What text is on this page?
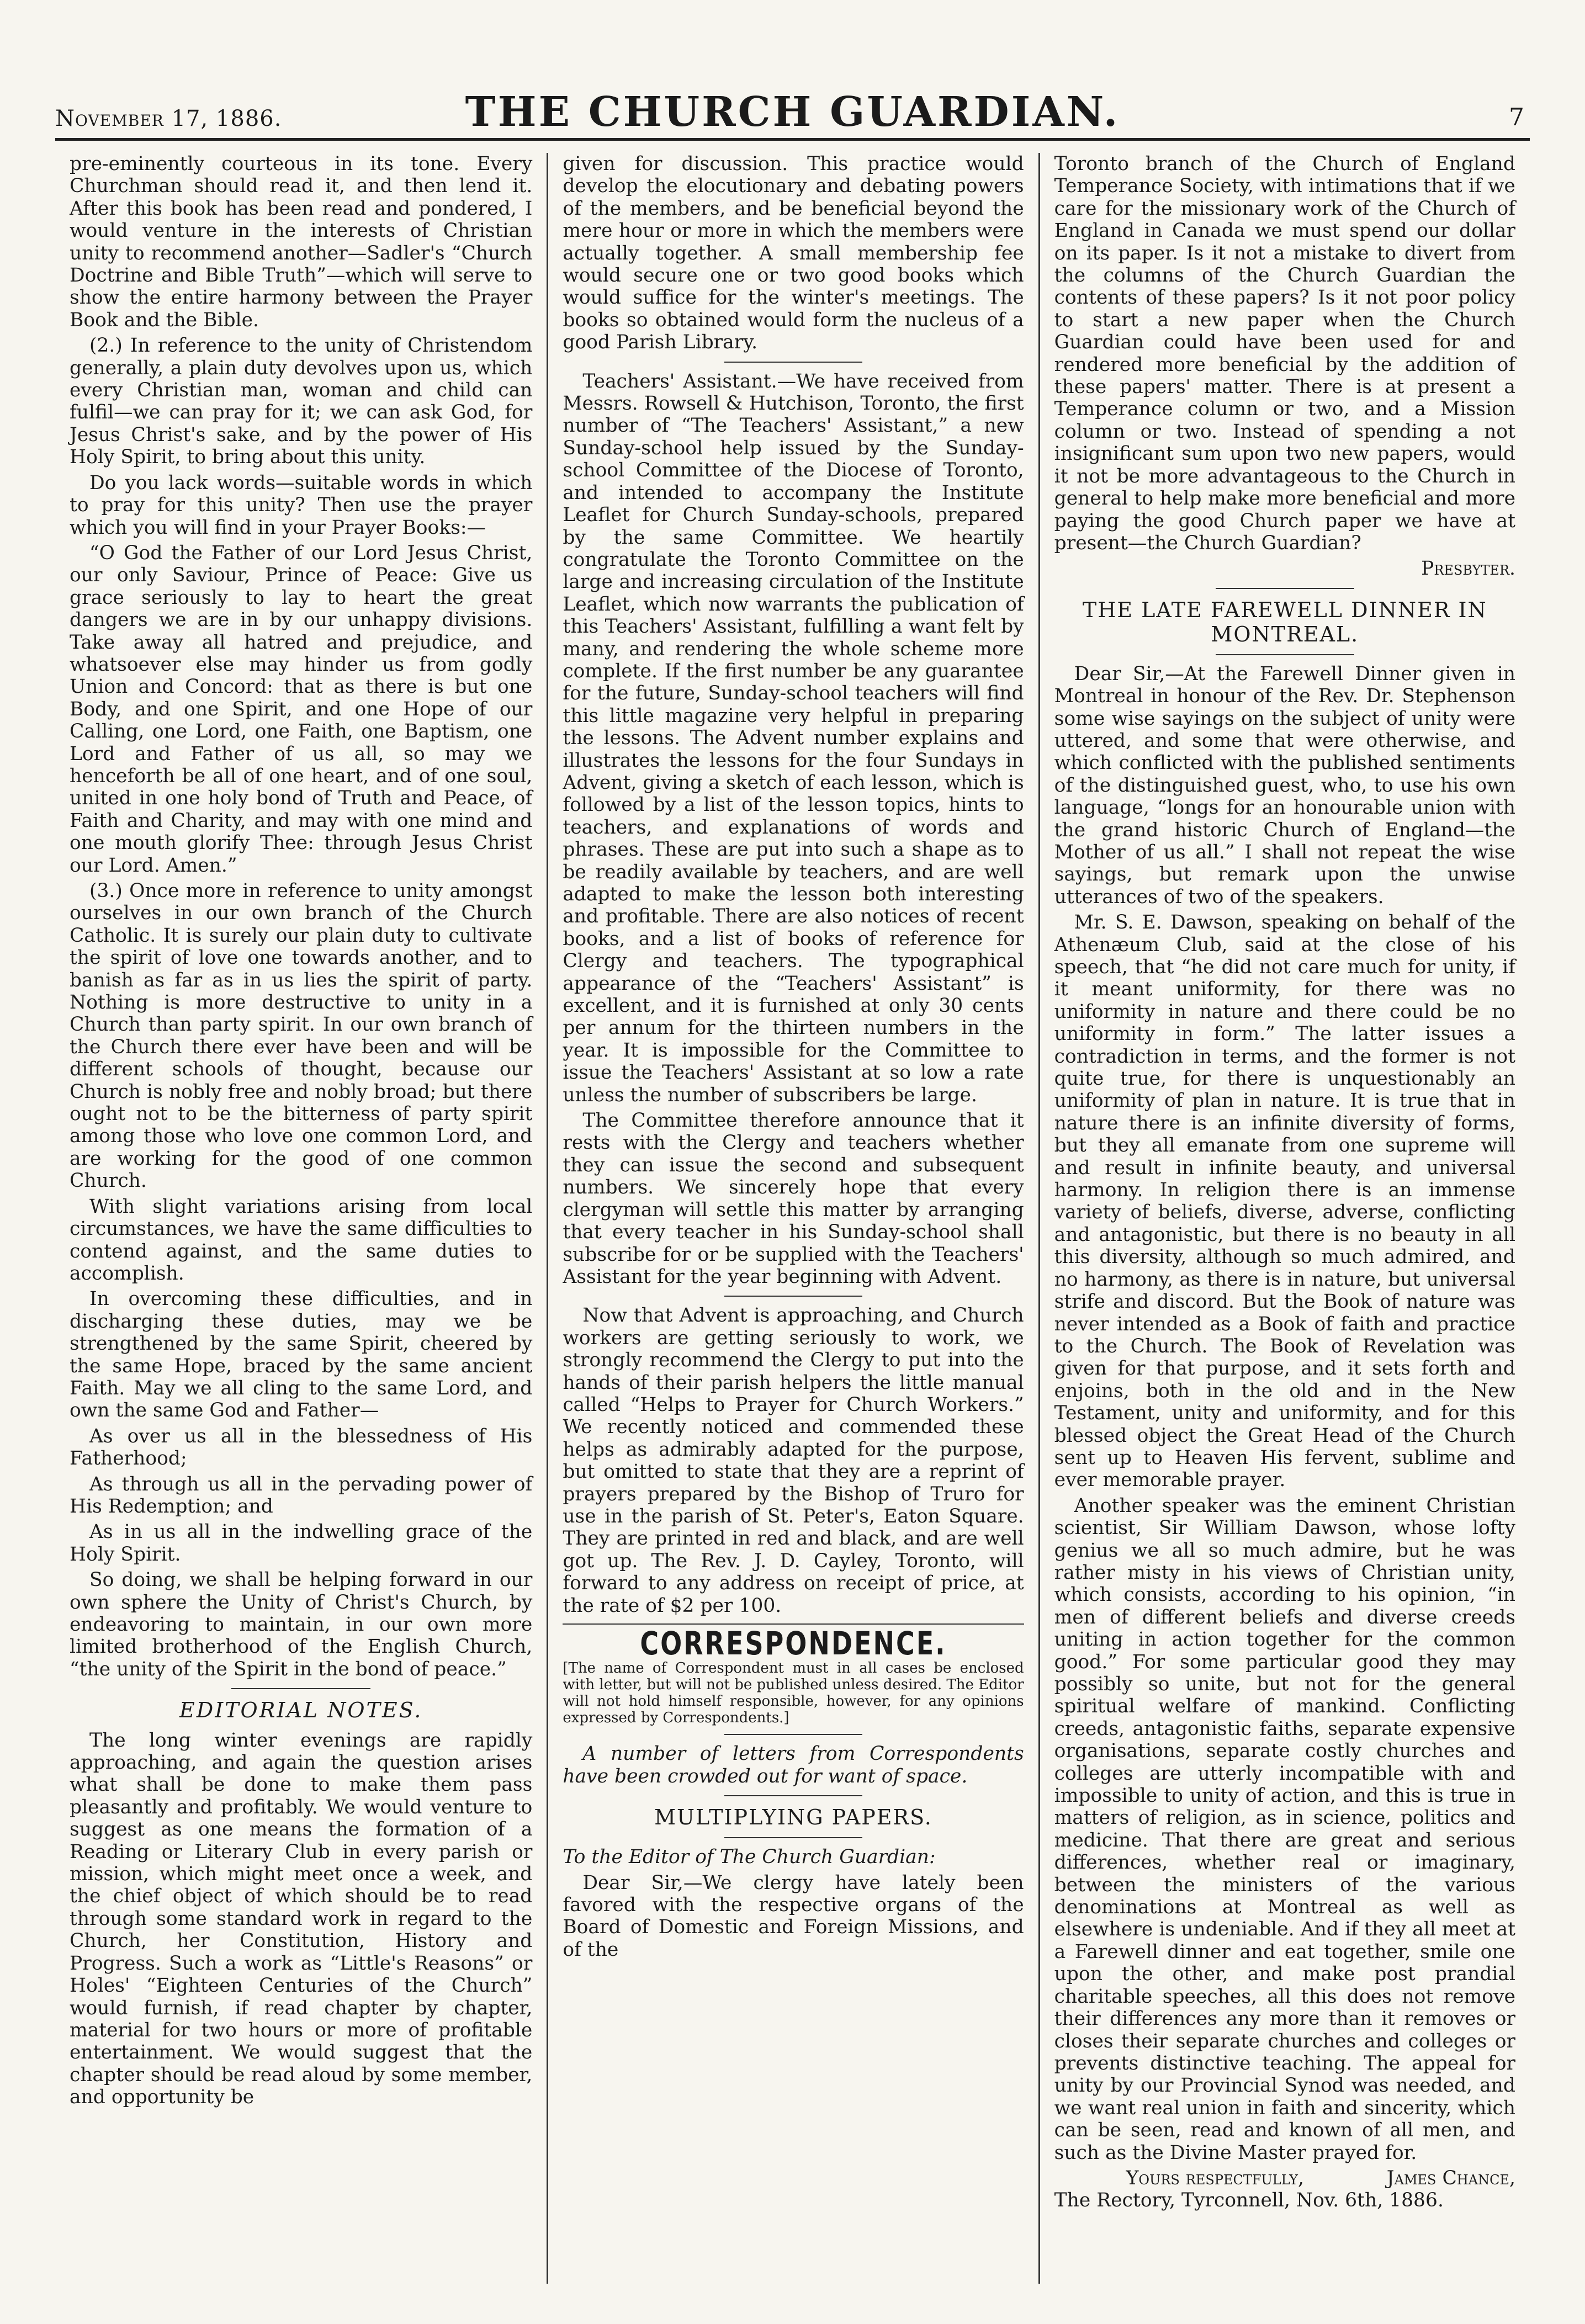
November 17, 1886.	THE CHURCH GUARDIAN.	7

pre-eminently courteous in its tone. Every Churchman should read it, and then lend it. After this book has been read and pondered, I would venture in the interests of Christian unity to recommend another—Sadler's “Church Doctrine and Bible Truth”—which will serve to show the entire harmony between the Prayer Book and the Bible.

(2.) In reference to the unity of Christendom generally, a plain duty devolves upon us, which every Christian man, woman and child can fulfil—we can pray for it; we can ask God, for Jesus Christ's sake, and by the power of His Holy Spirit, to bring about this unity.

Do you lack words—suitable words in which to pray for this unity? Then use the prayer which you will find in your Prayer Books:—

“O God the Father of our Lord Jesus Christ, our only Saviour, Prince of Peace: Give us grace seriously to lay to heart the great dangers we are in by our unhappy divisions. Take away all hatred and prejudice, and whatsoever else may hinder us from godly Union and Concord: that as there is but one Body, and one Spirit, and one Hope of our Calling, one Lord, one Faith, one Baptism, one Lord and Father of us all, so may we henceforth be all of one heart, and of one soul, united in one holy bond of Truth and Peace, of Faith and Charity, and may with one mind and one mouth glorify Thee: through Jesus Christ our Lord. Amen.”

(3.) Once more in reference to unity amongst ourselves in our own branch of the Church Catholic. It is surely our plain duty to cultivate the spirit of love one towards another, and to banish as far as in us lies the spirit of party. Nothing is more destructive to unity in a Church than party spirit. In our own branch of the Church there ever have been and will be different schools of thought, because our Church is nobly free and nobly broad; but there ought not to be the bitterness of party spirit among those who love one common Lord, and are working for the good of one common Church.

With slight variations arising from local circumstances, we have the same difficulties to contend against, and the same duties to accomplish.

In overcoming these difficulties, and in discharging these duties, may we be strengthened by the same Spirit, cheered by the same Hope, braced by the same ancient Faith. May we all cling to the same Lord, and own the same God and Father—

As over us all in the blessedness of His Fatherhood;

As through us all in the pervading power of His Redemption; and

As in us all in the indwelling grace of the Holy Spirit.

So doing, we shall be helping forward in our own sphere the Unity of Christ's Church, by endeavoring to maintain, in our own more limited brotherhood of the English Church, “the unity of the Spirit in the bond of peace.”

EDITORIAL NOTES.

The long winter evenings are rapidly approaching, and again the question arises what shall be done to make them pass pleasantly and profitably. We would venture to suggest as one means the formation of a Reading or Literary Club in every parish or mission, which might meet once a week, and the chief object of which should be to read through some standard work in regard to the Church, her Constitution, History and Progress. Such a work as “Little's Reasons” or Holes' “Eighteen Centuries of the Church” would furnish, if read chapter by chapter, material for two hours or more of profitable entertainment. We would suggest that the chapter should be read aloud by some member, and opportunity be

given for discussion. This practice would develop the elocutionary and debating powers of the members, and be beneficial beyond the mere hour or more in which the members were actually together. A small membership fee would secure one or two good books which would suffice for the winter's meetings. The books so obtained would form the nucleus of a good Parish Library.

Teachers' Assistant.—We have received from Messrs. Rowsell & Hutchison, Toronto, the first number of “The Teachers' Assistant,” a new Sunday-school help issued by the Sunday-school Committee of the Diocese of Toronto, and intended to accompany the Institute Leaflet for Church Sunday-schools, prepared by the same Committee. We heartily congratulate the Toronto Committee on the large and increasing circulation of the Institute Leaflet, which now warrants the publication of this Teachers' Assistant, fulfilling a want felt by many, and rendering the whole scheme more complete. If the first number be any guarantee for the future, Sunday-school teachers will find this little magazine very helpful in preparing the lessons. The Advent number explains and illustrates the lessons for the four Sundays in Advent, giving a sketch of each lesson, which is followed by a list of the lesson topics, hints to teachers, and explanations of words and phrases. These are put into such a shape as to be readily available by teachers, and are well adapted to make the lesson both interesting and profitable. There are also notices of recent books, and a list of books of reference for Clergy and teachers. The typographical appearance of the “Teachers' Assistant” is excellent, and it is furnished at only 30 cents per annum for the thirteen numbers in the year. It is impossible for the Committee to issue the Teachers' Assistant at so low a rate unless the number of subscribers be large.

The Committee therefore announce that it rests with the Clergy and teachers whether they can issue the second and subsequent numbers. We sincerely hope that every clergyman will settle this matter by arranging that every teacher in his Sunday-school shall subscribe for or be supplied with the Teachers' Assistant for the year beginning with Advent.

Now that Advent is approaching, and Church workers are getting seriously to work, we strongly recommend the Clergy to put into the hands of their parish helpers the little manual called “Helps to Prayer for Church Workers.” We recently noticed and commended these helps as admirably adapted for the purpose, but omitted to state that they are a reprint of prayers prepared by the Bishop of Truro for use in the parish of St. Peter's, Eaton Square. They are printed in red and black, and are well got up. The Rev. J. D. Cayley, Toronto, will forward to any address on receipt of price, at the rate of $2 per 100.

CORRESPONDENCE.
[The name of Correspondent must in all cases be enclosed with letter, but will not be published unless desired. The Editor will not hold himself responsible, however, for any opinions expressed by Correspondents.]

A number of letters from Correspondents have been crowded out for want of space.

MULTIPLYING PAPERS.

To the Editor of The Church Guardian:

Dear Sir,—We clergy have lately been favored with the respective organs of the Board of Domestic and Foreign Missions, and of the

Toronto branch of the Church of England Temperance Society, with intimations that if we care for the missionary work of the Church of England in Canada we must spend our dollar on its paper. Is it not a mistake to divert from the columns of the Church Guardian the contents of these papers? Is it not poor policy to start a new paper when the Church Guardian could have been used for and rendered more beneficial by the addition of these papers' matter. There is at present a Temperance column or two, and a Mission column or two. Instead of spending a not insignificant sum upon two new papers, would it not be more advantageous to the Church in general to help make more beneficial and more paying the good Church paper we have at present—the Church Guardian?

Presbyter.
THE LATE FAREWELL DINNER IN MONTREAL.

Dear Sir,—At the Farewell Dinner given in Montreal in honour of the Rev. Dr. Stephenson some wise sayings on the subject of unity were uttered, and some that were otherwise, and which conflicted with the published sentiments of the distinguished guest, who, to use his own language, “longs for an honourable union with the grand historic Church of England—the Mother of us all.” I shall not repeat the wise sayings, but remark upon the unwise utterances of two of the speakers.

Mr. S. E. Dawson, speaking on behalf of the Athenæum Club, said at the close of his speech, that “he did not care much for unity, if it meant uniformity, for there was no uniformity in nature and there could be no uniformity in form.” The latter issues a contradiction in terms, and the former is not quite true, for there is unquestionably an uniformity of plan in nature. It is true that in nature there is an infinite diversity of forms, but they all emanate from one supreme will and result in infinite beauty, and universal harmony. In religion there is an immense variety of beliefs, diverse, adverse, conflicting and antagonistic, but there is no beauty in all this diversity, although so much admired, and no harmony, as there is in nature, but universal strife and discord. But the Book of nature was never intended as a Book of faith and practice to the Church. The Book of Revelation was given for that purpose, and it sets forth and enjoins, both in the old and in the New Testament, unity and uniformity, and for this blessed object the Great Head of the Church sent up to Heaven His fervent, sublime and ever memorable prayer.

Another speaker was the eminent Christian scientist, Sir William Dawson, whose lofty genius we all so much admire, but he was rather misty in his views of Christian unity, which consists, according to his opinion, “in men of different beliefs and diverse creeds uniting in action together for the common good.” For some particular good they may possibly so unite, but not for the general spiritual welfare of mankind. Conflicting creeds, antagonistic faiths, separate expensive organisations, separate costly churches and colleges are utterly incompatible with and impossible to unity of action, and this is true in matters of religion, as in science, politics and medicine. That there are great and serious differences, whether real or imaginary, between the ministers of the various denominations at Montreal as well as elsewhere is undeniable. And if they all meet at a Farewell dinner and eat together, smile one upon the other, and make post prandial charitable speeches, all this does not remove their differences any more than it removes or closes their separate churches and colleges or prevents distinctive teaching. The appeal for unity by our Provincial Synod was needed, and we want real union in faith and sincerity, which can be seen, read and known of all men, and such as the Divine Master prayed for.

Yours respectfully,	James Chance,
The Rectory, Tyrconnell, Nov. 6th, 1886.
